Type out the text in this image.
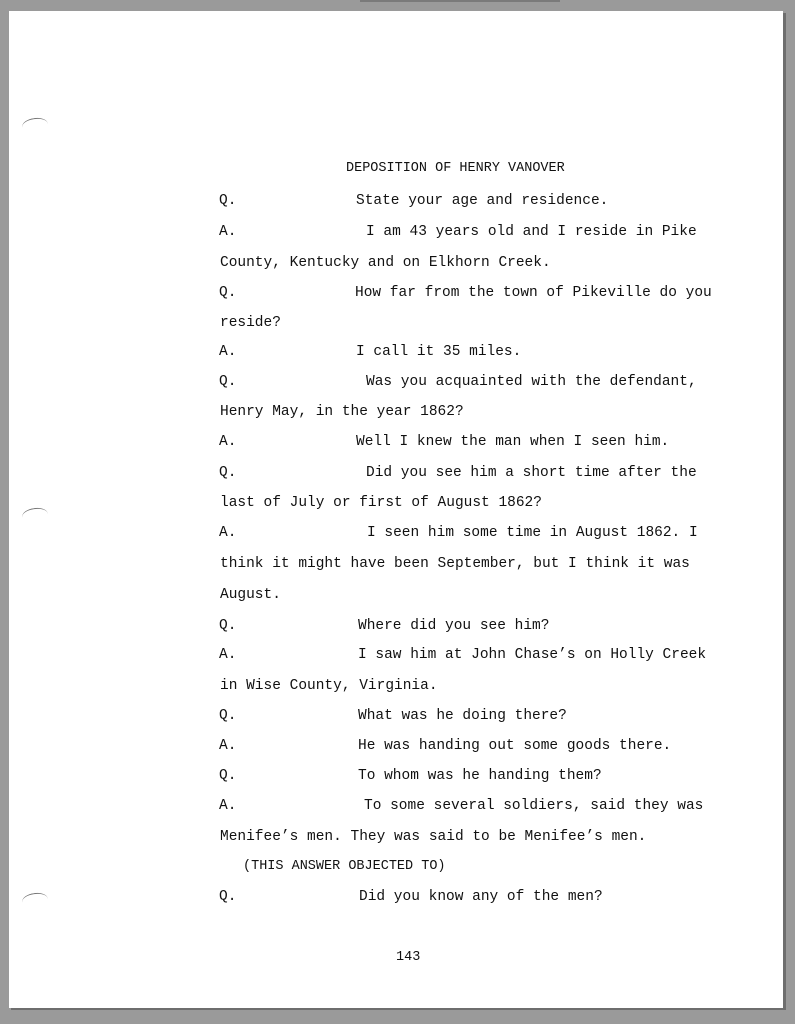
DEPOSITION OF HENRY VANOVER
Q.	State your age and residence.
A.	I am 43 years old and I reside in Pike
County, Kentucky and on Elkhorn Creek.
Q.	How far from the town of Pikeville do you
reside?
A.	I call it 35 miles.
Q.	Was you acquainted with the defendant,
Henry May, in the year 1862?
A.	Well I knew the man when I seen him.
Q.	Did you see him a short time after the
last of July or first of August 1862?
A.	I seen him some time in August 1862. I
think it might have been September, but I think it was
August.
Q.	Where did you see him?
A.	I saw him at John Chase’s on Holly Creek
in Wise County, Virginia.
Q.	What was he doing there?
A.	He was handing out some goods there.
Q.	To whom was he handing them?
A.	To some several soldiers, said they was
Menifee’s men. They was said to be Menifee’s men.
Q.	Did you know any of the men?
(THIS ANSWER OBJECTED TO)
143
